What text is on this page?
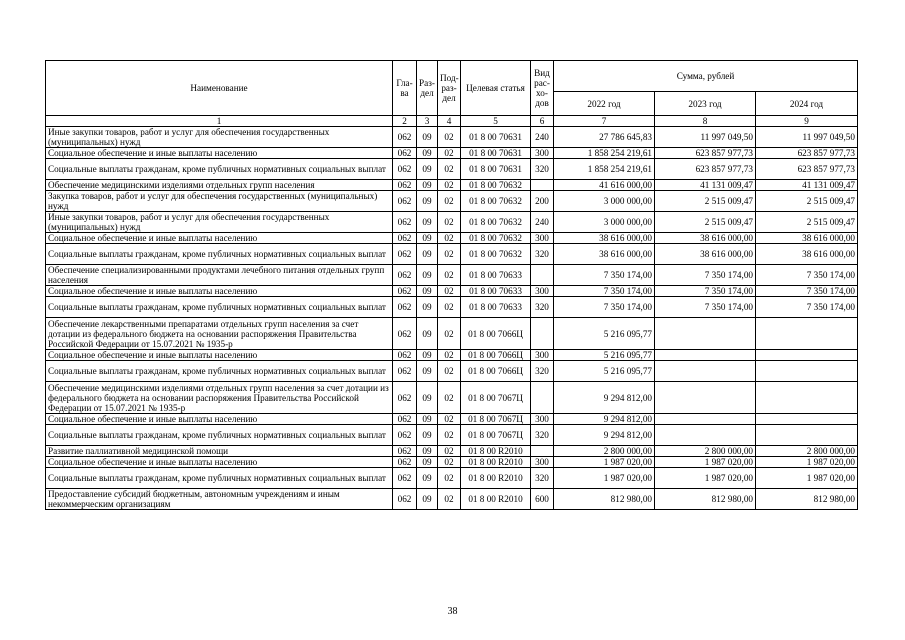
Наименование	Гла-ва	Раз-дел	Под-раз-дел	Целевая статья	Вид рас-хо-дов	Сумма, рублей		
						2022 год	2023 год	2024 год
1	2	3	4	5	6	7	8	9
Иные закупки товаров, работ и услуг для обеспечения государственных (муниципальных) нужд	062	09	02	01 8 00 70631	240	27 786 645,83	11 997 049,50	11 997 049,50
Социальное обеспечение и иные выплаты населению	062	09	02	01 8 00 70631	300	1 858 254 219,61	623 857 977,73	623 857 977,73
Социальные выплаты гражданам, кроме публичных нормативных социальных выплат	062	09	02	01 8 00 70631	320	1 858 254 219,61	623 857 977,73	623 857 977,73
Обеспечение медицинскими изделиями отдельных групп населения	062	09	02	01 8 00 70632		41 616 000,00	41 131 009,47	41 131 009,47
Закупка товаров, работ и услуг для обеспечения государственных (муниципальных) нужд	062	09	02	01 8 00 70632	200	3 000 000,00	2 515 009,47	2 515 009,47
Иные закупки товаров, работ и услуг для обеспечения государственных (муниципальных) нужд	062	09	02	01 8 00 70632	240	3 000 000,00	2 515 009,47	2 515 009,47
Социальное обеспечение и иные выплаты населению	062	09	02	01 8 00 70632	300	38 616 000,00	38 616 000,00	38 616 000,00
Социальные выплаты гражданам, кроме публичных нормативных социальных выплат	062	09	02	01 8 00 70632	320	38 616 000,00	38 616 000,00	38 616 000,00
Обеспечение специализированными продуктами лечебного питания отдельных групп населения	062	09	02	01 8 00 70633		7 350 174,00	7 350 174,00	7 350 174,00
Социальное обеспечение и иные выплаты населению	062	09	02	01 8 00 70633	300	7 350 174,00	7 350 174,00	7 350 174,00
Социальные выплаты гражданам, кроме публичных нормативных социальных выплат	062	09	02	01 8 00 70633	320	7 350 174,00	7 350 174,00	7 350 174,00
Обеспечение лекарственными препаратами отдельных групп населения за счет дотации из федерального бюджета на основании распоряжения Правительства Российской Федерации от 15.07.2021 № 1935-р	062	09	02	01 8 00 7066Ц		5 216 095,77		
Социальное обеспечение и иные выплаты населению	062	09	02	01 8 00 7066Ц	300	5 216 095,77		
Социальные выплаты гражданам, кроме публичных нормативных социальных выплат	062	09	02	01 8 00 7066Ц	320	5 216 095,77		
Обеспечение медицинскими изделиями отдельных групп населения за счет дотации из федерального бюджета на основании распоряжения Правительства Российской Федерации от 15.07.2021 № 1935-р	062	09	02	01 8 00 7067Ц		9 294 812,00		
Социальное обеспечение и иные выплаты населению	062	09	02	01 8 00 7067Ц	300	9 294 812,00		
Социальные выплаты гражданам, кроме публичных нормативных социальных выплат	062	09	02	01 8 00 7067Ц	320	9 294 812,00		
Развитие паллиативной медицинской помощи	062	09	02	01 8 00 R2010		2 800 000,00	2 800 000,00	2 800 000,00
Социальное обеспечение и иные выплаты населению	062	09	02	01 8 00 R2010	300	1 987 020,00	1 987 020,00	1 987 020,00
Социальные выплаты гражданам, кроме публичных нормативных социальных выплат	062	09	02	01 8 00 R2010	320	1 987 020,00	1 987 020,00	1 987 020,00
Предоставление субсидий бюджетным, автономным учреждениям и иным некоммерческим организациям	062	09	02	01 8 00 R2010	600	812 980,00	812 980,00	812 980,00
38
